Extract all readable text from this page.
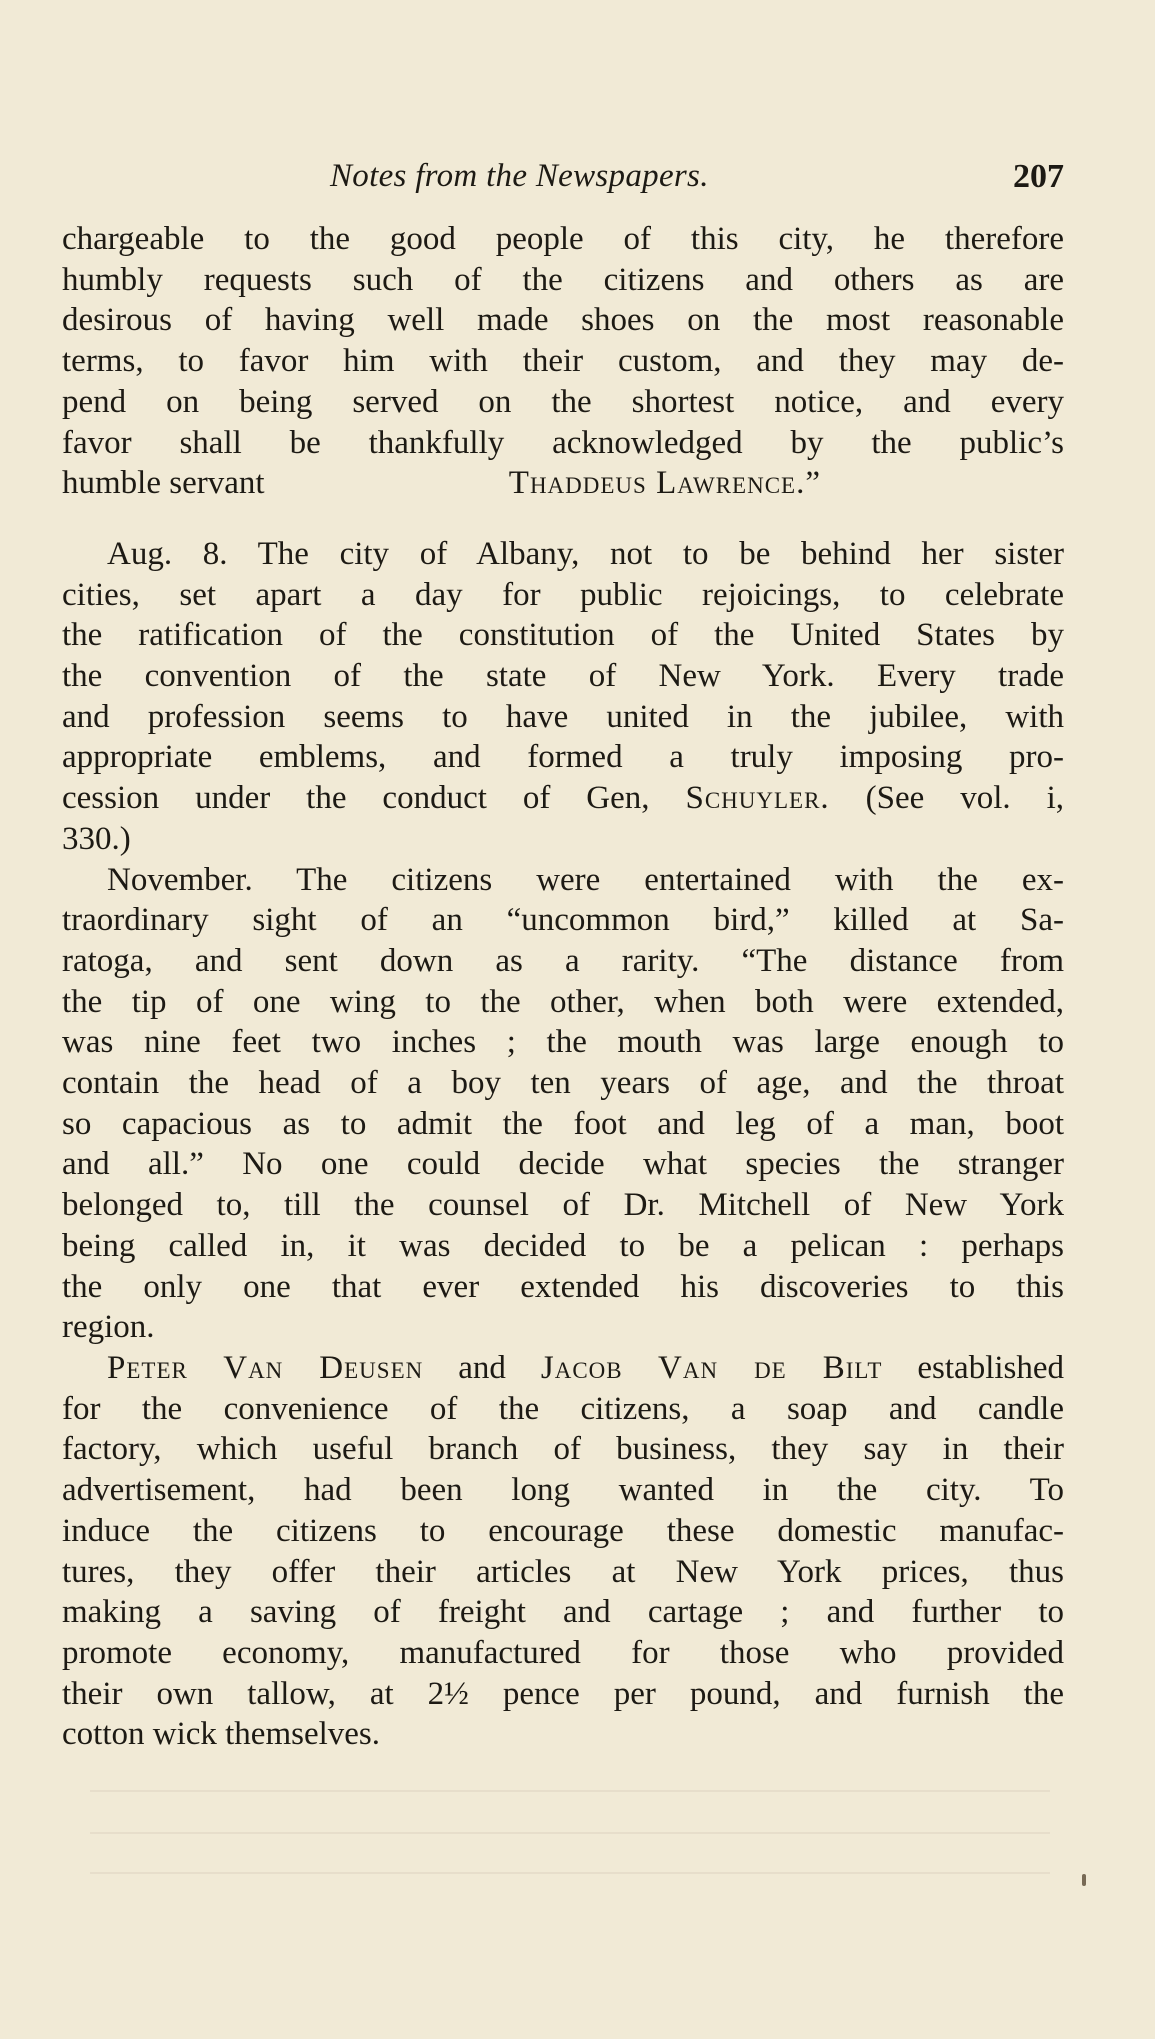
Notes from the Newspapers.	207
chargeable to the good people of this city, he therefore
humbly requests such of the citizens and others as are
desirous of having well made shoes on the most reasonable
terms, to favor him with their custom, and they may de-
pend on being served on the shortest notice, and every
favor shall be thankfully acknowledged by the public’s
humble servant	Thaddeus Lawrence.”
Aug. 8. The city of Albany, not to be behind her sister
cities, set apart a day for public rejoicings, to celebrate
the ratification of the constitution of the United States by
the convention of the state of New York. Every trade
and profession seems to have united in the jubilee, with
appropriate emblems, and formed a truly imposing pro-
cession under the conduct of Gen, Schuyler. (See vol. i,
330.)
November. The citizens were entertained with the ex-
traordinary sight of an “uncommon bird,” killed at Sa-
ratoga, and sent down as a rarity. “The distance from
the tip of one wing to the other, when both were extended,
was nine feet two inches ; the mouth was large enough to
contain the head of a boy ten years of age, and the throat
so capacious as to admit the foot and leg of a man, boot
and all.” No one could decide what species the stranger
belonged to, till the counsel of Dr. Mitchell of New York
being called in, it was decided to be a pelican : perhaps
the only one that ever extended his discoveries to this
region.
Peter Van Deusen and Jacob Van de Bilt established
for the convenience of the citizens, a soap and candle
factory, which useful branch of business, they say in their
advertisement, had been long wanted in the city. To
induce the citizens to encourage these domestic manufac-
tures, they offer their articles at New York prices, thus
making a saving of freight and cartage ; and further to
promote economy, manufactured for those who provided
their own tallow, at 2½ pence per pound, and furnish the
cotton wick themselves.
